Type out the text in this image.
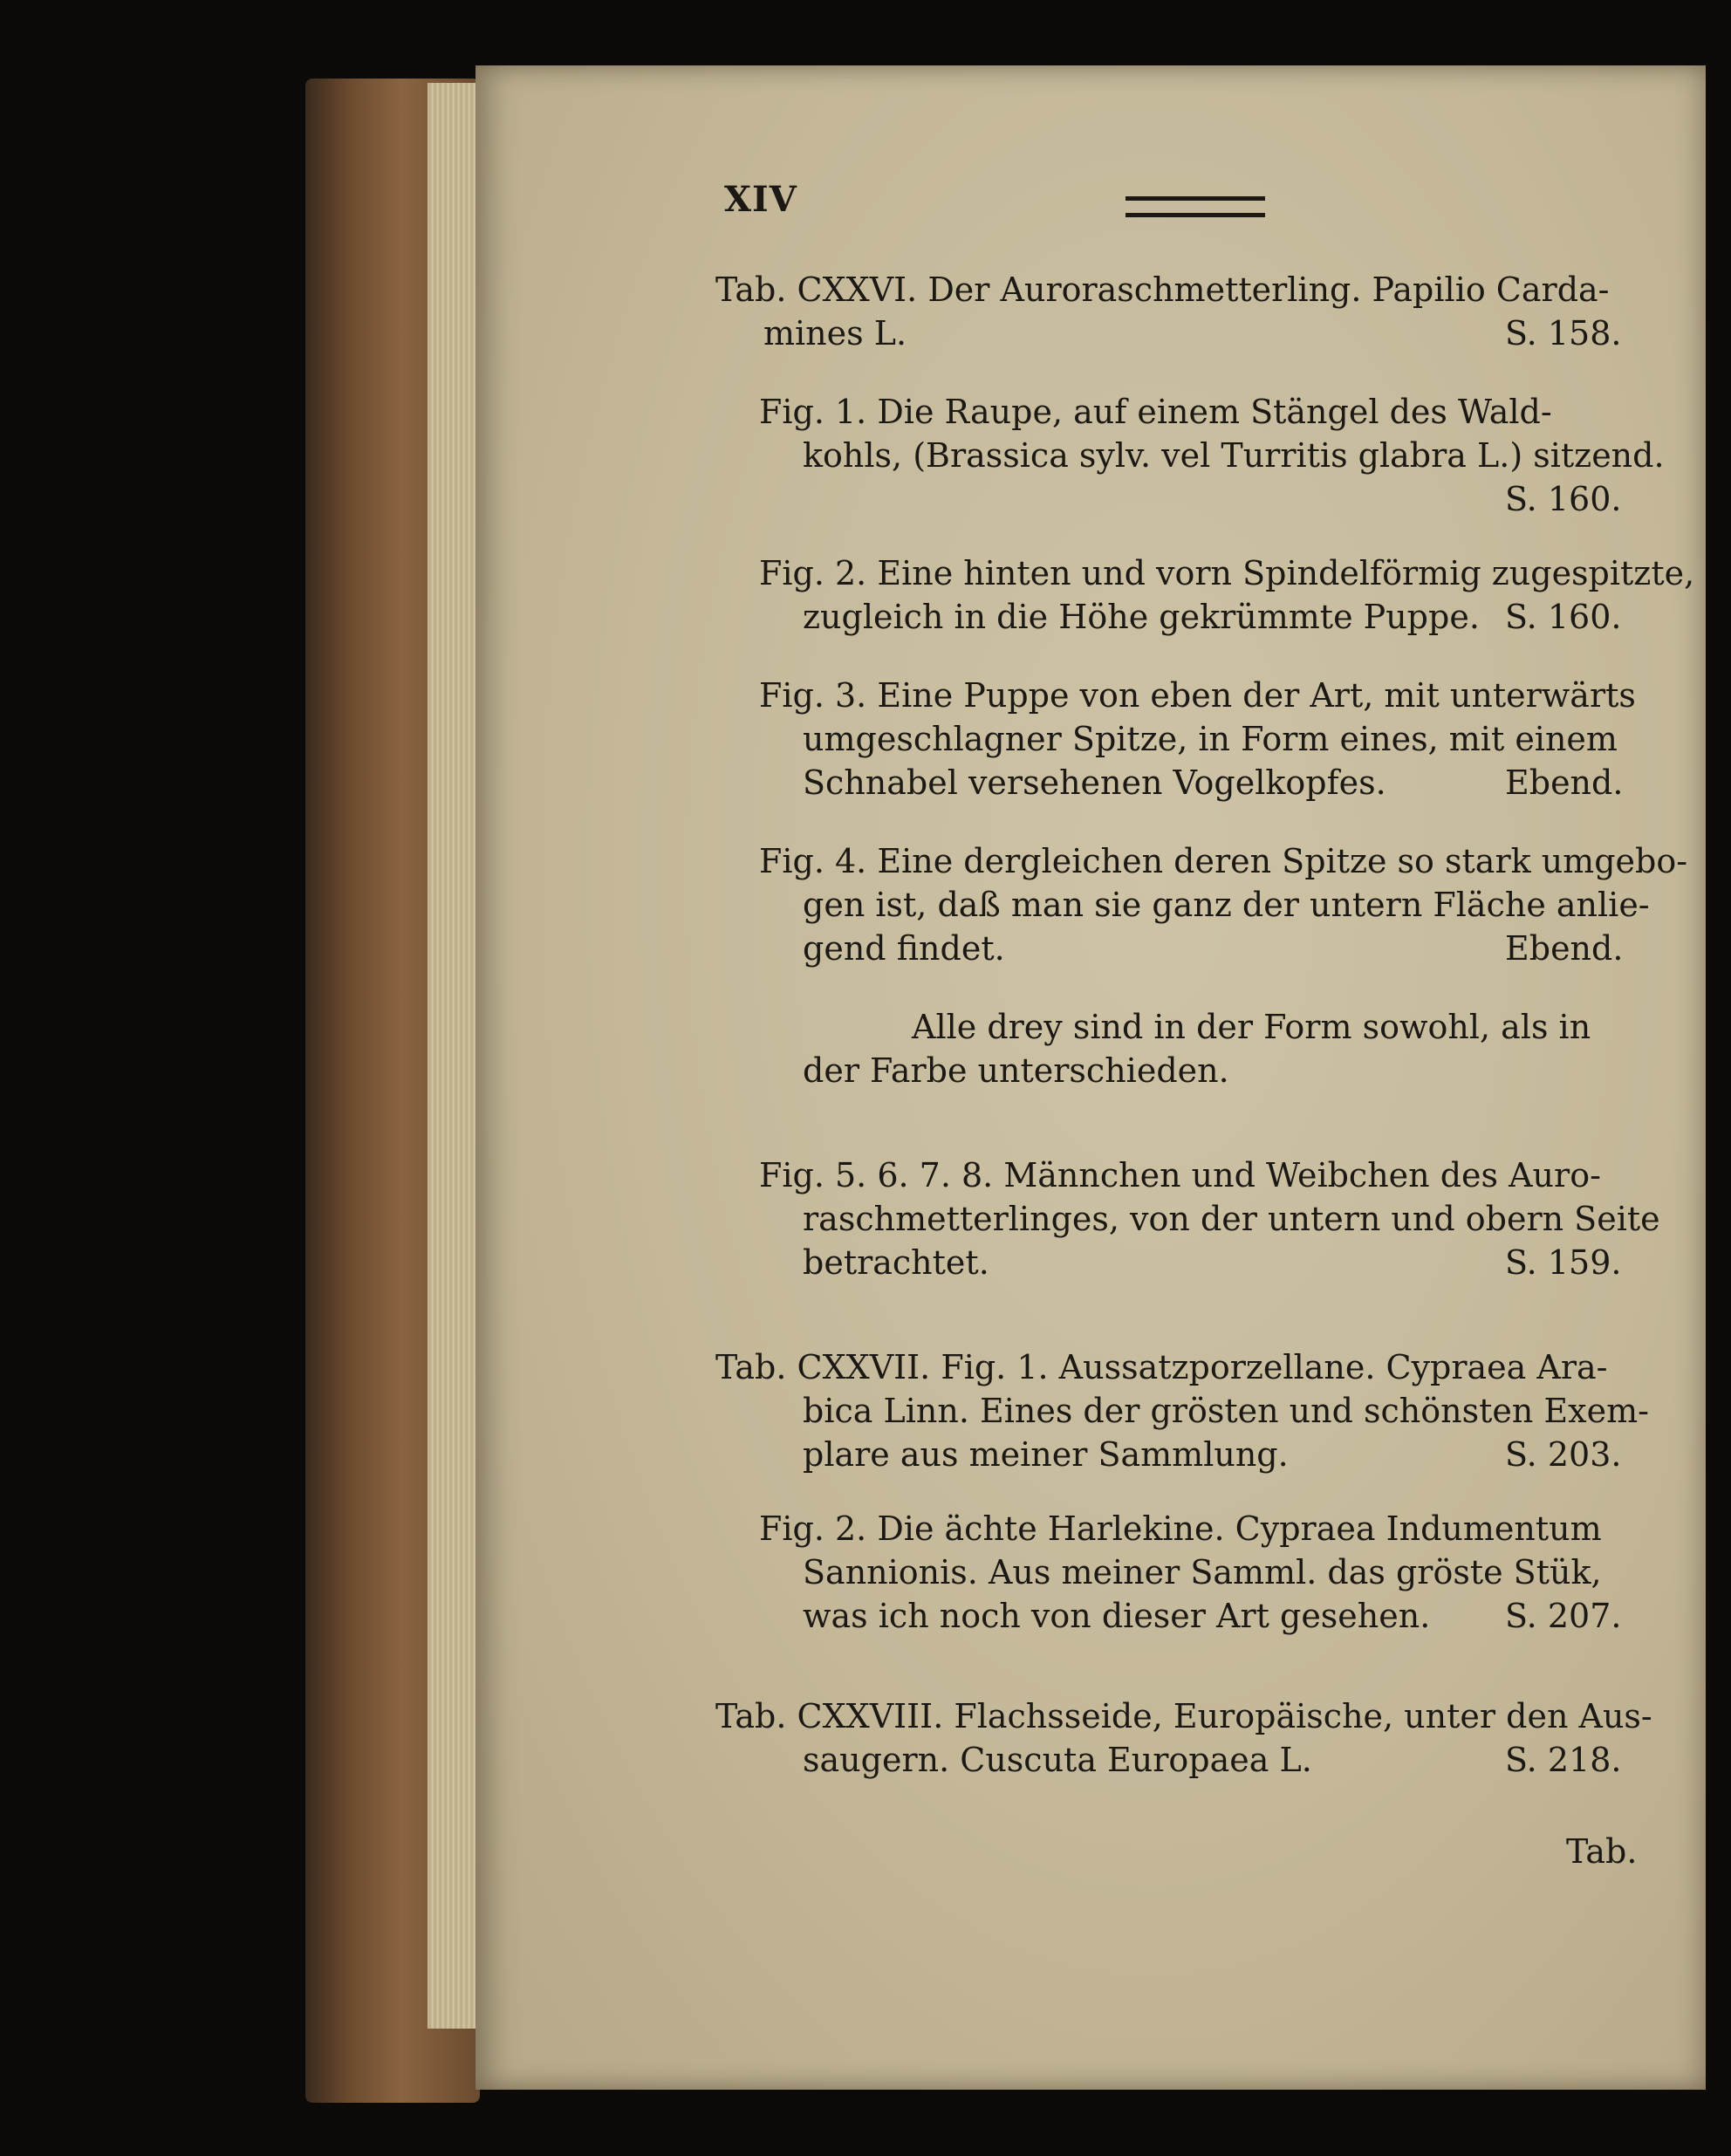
XIV
Tab. CXXVI. Der Auroraschmetterling. Papilio Carda-
mines L.	S. 158.
Fig. 1. Die Raupe, auf einem Stängel des Wald-
kohls, (Brassica sylv. vel Turritis glabra L.) sitzend.
S. 160.
Fig. 2. Eine hinten und vorn Spindelförmig zugespitzte,
zugleich in die Höhe gekrümmte Puppe. S. 160.
Fig. 3. Eine Puppe von eben der Art, mit unterwärts
umgeschlagner Spitze, in Form eines, mit einem
Schnabel versehenen Vogelkopfes.	Ebend.
Fig. 4. Eine dergleichen deren Spitze so stark umgebo-
gen ist, daß man sie ganz der untern Fläche anlie-
gend findet.	Ebend.
Alle drey sind in der Form sowohl, als in
der Farbe unterschieden.
Fig. 5. 6. 7. 8. Männchen und Weibchen des Auro-
raschmetterlinges, von der untern und obern Seite
betrachtet.	S. 159.
Tab. CXXVII. Fig. 1. Aussatzporzellane. Cypraea Ara-
bica Linn. Eines der grösten und schönsten Exem-
plare aus meiner Sammlung.	S. 203.
Fig. 2. Die ächte Harlekine. Cypraea Indumentum
Sannionis. Aus meiner Samml. das gröste Stük,
was ich noch von dieser Art gesehen. S. 207.
Tab. CXXVIII. Flachsseide, Europäische, unter den Aus-
saugern. Cuscuta Europaea L.	S. 218.
Tab.
